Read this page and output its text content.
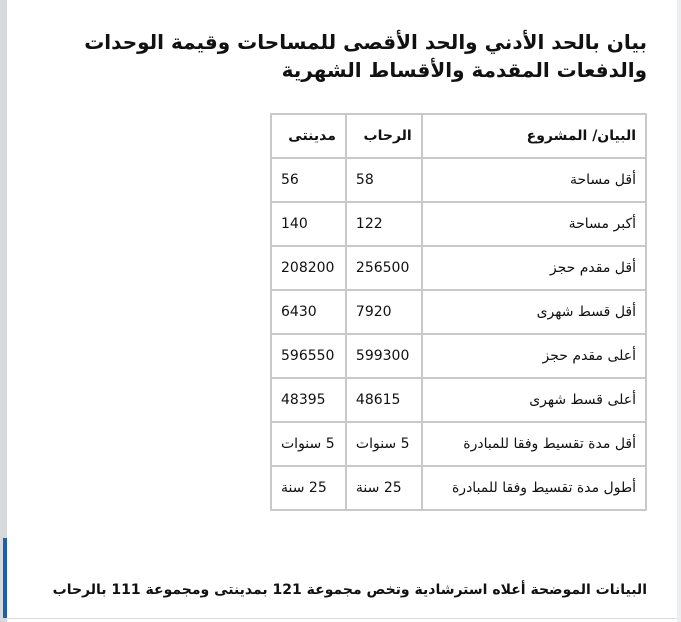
بيان بالحد الأدني والحد الأقصى للمساحات وقيمة الوحدات والدفعات المقدمة والأقساط الشهرية
البيان/ المشروع	الرحاب	مدينتى
أقل مساحة	58	56
أكبر مساحة	122	140
أقل مقدم حجز	256500	208200
أقل قسط شهرى	7920	6430
أعلى مقدم حجز	599300	596550
أعلى قسط شهرى	48615	48395
أقل مدة تقسيط وفقا للمبادرة	5 سنوات	5 سنوات
أطول مدة تقسيط وفقا للمبادرة	25 سنة	25 سنة

البيانات الموضحة أعلاه استرشادية وتخص مجموعة 121 بمدينتى ومجموعة 111 بالرحاب
